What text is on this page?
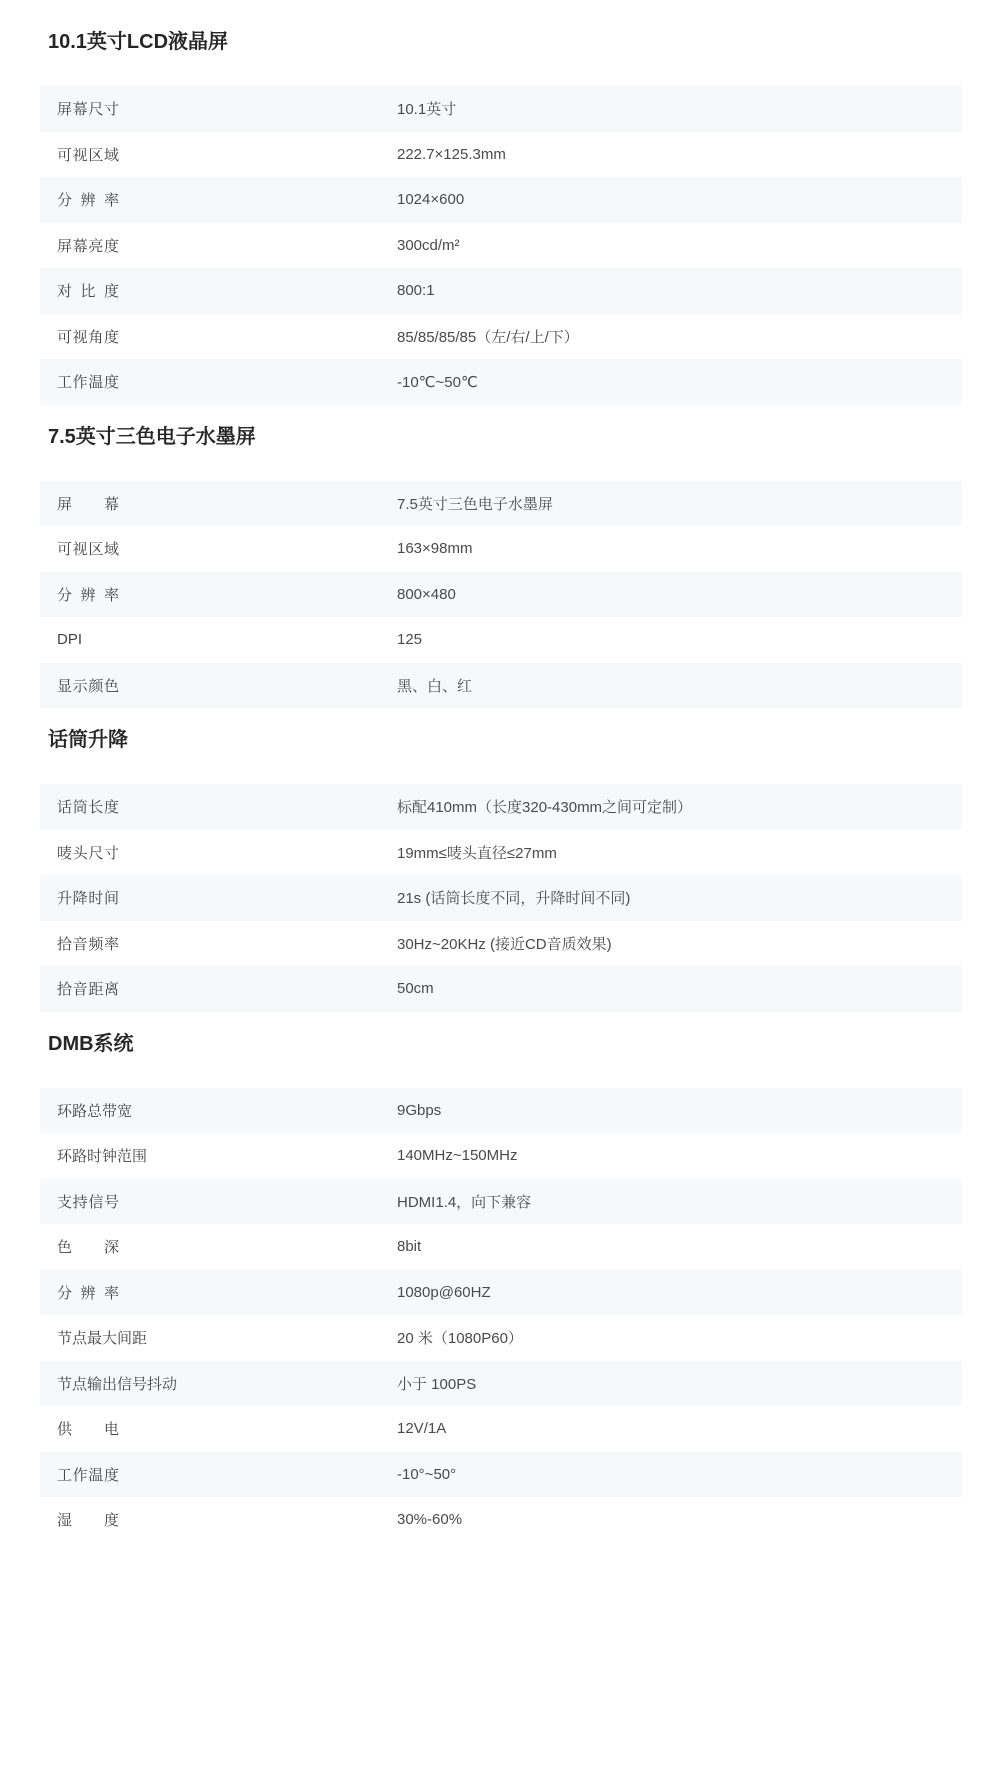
10.1英寸LCD液晶屏
屏幕尺寸	10.1英寸
可视区域	222.7×125.3mm
分辨率	1024×600
屏幕亮度	300cd/m²
对比度	800:1
可视角度	85/85/85/85（左/右/上/下）
工作温度	-10℃~50℃
7.5英寸三色电子水墨屏
屏幕	7.5英寸三色电子水墨屏
可视区域	163×98mm
分辨率	800×480
DPI	125
显示颜色	黑、白、红
话筒升降
话筒长度	标配410mm（长度320-430mm之间可定制）
唛头尺寸	19mm≤唛头直径≤27mm
升降时间	21s (话筒长度不同，升降时间不同)
拾音频率	30Hz~20KHz (接近CD音质效果)
拾音距离	50cm
DMB系统
环路总带宽	9Gbps
环路时钟范围	140MHz~150MHz
支持信号	HDMI1.4，向下兼容
色深	8bit
分辨率	1080p@60HZ
节点最大间距	20 米（1080P60）
节点输出信号抖动	小于 100PS
供电	12V/1A
工作温度	-10°~50°
湿度	30%-60%
